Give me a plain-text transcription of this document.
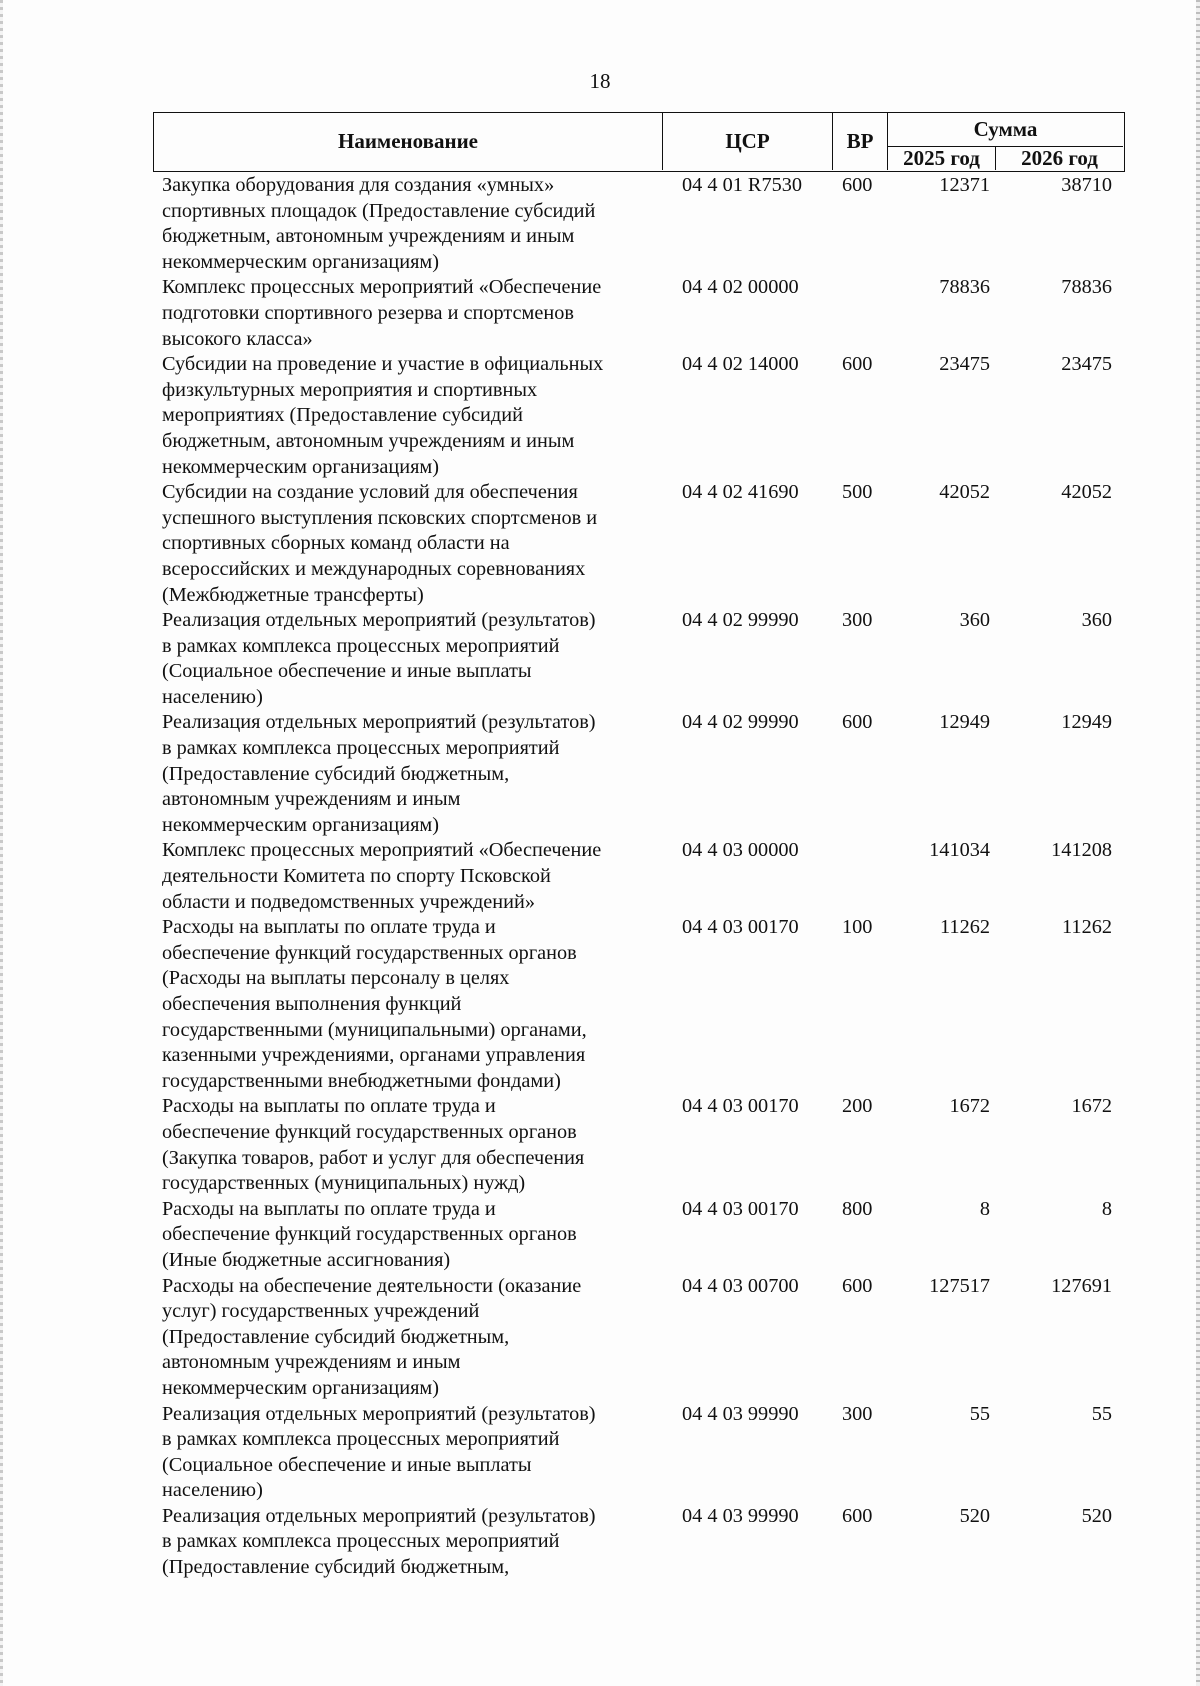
18
Наименование	ЦСР	ВР	Сумма
2025 год	2026 год
Закупка оборудования для создания «умных»
спортивных площадок (Предоставление субсидий
бюджетным, автономным учреждениям и иным
некоммерческим организациям)
04 4 01 R7530 600	12371	38710
Комплекс процессных мероприятий «Обеспечение
подготовки спортивного резерва и спортсменов
высокого класса»
04 4 02 00000	78836	78836
Субсидии на проведение и участие в официальных
физкультурных мероприятия и спортивных
мероприятиях (Предоставление субсидий
бюджетным, автономным учреждениям и иным
некоммерческим организациям)
04 4 02 14000 600	23475	23475
Субсидии на создание условий для обеспечения
успешного выступления псковских спортсменов и
спортивных сборных команд области на
всероссийских и международных соревнованиях
(Межбюджетные трансферты)
04 4 02 41690 500	42052	42052
Реализация отдельных мероприятий (результатов)
в рамках комплекса процессных мероприятий
(Социальное обеспечение и иные выплаты
населению)
04 4 02 99990 300	360	360
Реализация отдельных мероприятий (результатов)
в рамках комплекса процессных мероприятий
(Предоставление субсидий бюджетным,
автономным учреждениям и иным
некоммерческим организациям)
04 4 02 99990 600	12949	12949
Комплекс процессных мероприятий «Обеспечение
деятельности Комитета по спорту Псковской
области и подведомственных учреждений»
04 4 03 00000	141034	141208
Расходы на выплаты по оплате труда и
обеспечение функций государственных органов
(Расходы на выплаты персоналу в целях
обеспечения выполнения функций
государственными (муниципальными) органами,
казенными учреждениями, органами управления
государственными внебюджетными фондами)
04 4 03 00170 100	11262	11262
Расходы на выплаты по оплате труда и
обеспечение функций государственных органов
(Закупка товаров, работ и услуг для обеспечения
государственных (муниципальных) нужд)
04 4 03 00170 200	1672	1672
Расходы на выплаты по оплате труда и
обеспечение функций государственных органов
(Иные бюджетные ассигнования)
04 4 03 00170 800	8	8
Расходы на обеспечение деятельности (оказание
услуг) государственных учреждений
(Предоставление субсидий бюджетным,
автономным учреждениям и иным
некоммерческим организациям)
04 4 03 00700 600	127517	127691
Реализация отдельных мероприятий (результатов)
в рамках комплекса процессных мероприятий
(Социальное обеспечение и иные выплаты
населению)
04 4 03 99990 300	55	55
Реализация отдельных мероприятий (результатов)
в рамках комплекса процессных мероприятий
(Предоставление субсидий бюджетным,
04 4 03 99990 600	520	520
